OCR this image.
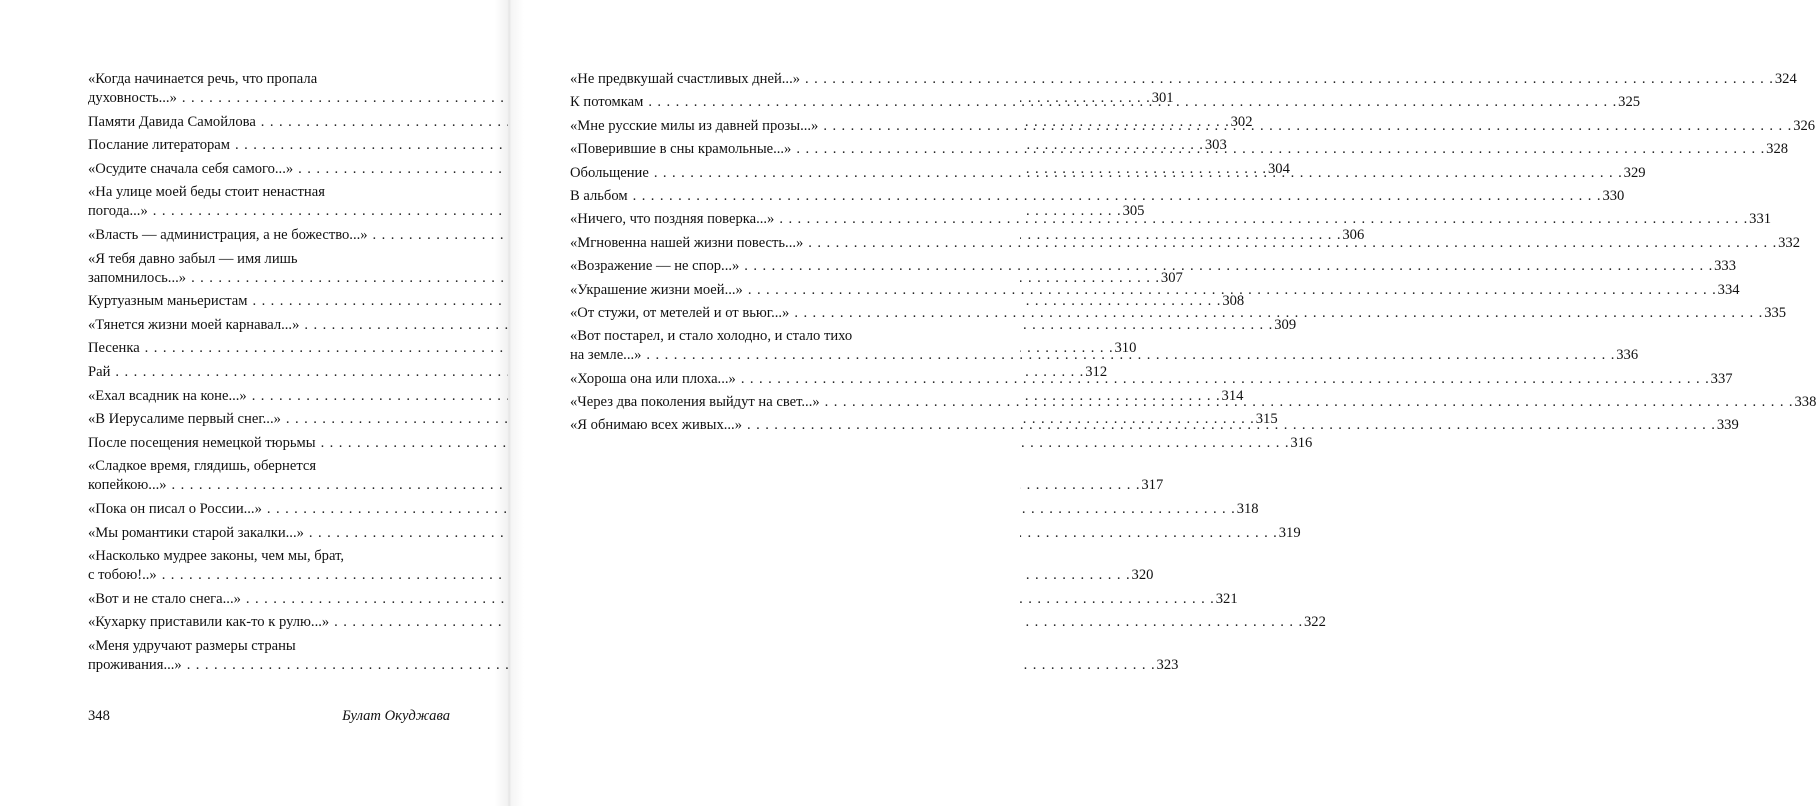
«Когда начинается речь, что пропала
духовность...» . . .	301
Памяти Давида Самойлова . . .	302
Послание литераторам . . .	303
«Осудите сначала себя самого...» . . .	304
«На улице моей беды стоит ненастная
погода...» . . .	305
«Власть — администрация, а не божество...» . . .	306
«Я тебя давно забыл — имя лишь
запомнилось...» . . .	307
Куртуазным маньеристам . . .	308
«Тянется жизни моей карнавал...» . . .	309
Песенка . . .	310
Рай . . .	312
«Ехал всадник на коне...» . . .	314
«В Иерусалиме первый снег...» . . .	315
После посещения немецкой тюрьмы . . .	316
«Сладкое время, глядишь, обернется
копейкою...» . . .	317
«Пока он писал о России...» . . .	318
«Мы романтики старой закалки...» . . .	319
«Насколько мудрее законы, чем мы, брат,
с тобою!..» . . .	320
«Вот и не стало снега...» . . .	321
«Кухарку приставили как-то к рулю...» . . .	322
«Меня удручают размеры страны
проживания...» . . .	323
348	Булат Окуджава
«Не предвкушай счастливых дней...» . . .	324
К потомкам . . .	325
«Мне русские милы из давней прозы...» . . .	326
«Поверившие в сны крамольные...» . . .	328
Обольщение . . .	329
В альбом . . .	330
«Ничего, что поздняя поверка...» . . .	331
«Мгновенна нашей жизни повесть...» . . .	332
«Возражение — не спор...» . . .	333
«Украшение жизни моей...» . . .	334
«От стужи, от метелей и от вьюг...» . . .	335
«Вот постарел, и стало холодно, и стало тихо
на земле...» . . .	336
«Хороша она или плоха...» . . .	337
«Через два поколения выйдут на свет...» . . .	338
«Я обнимаю всех живых...» . . .	339
